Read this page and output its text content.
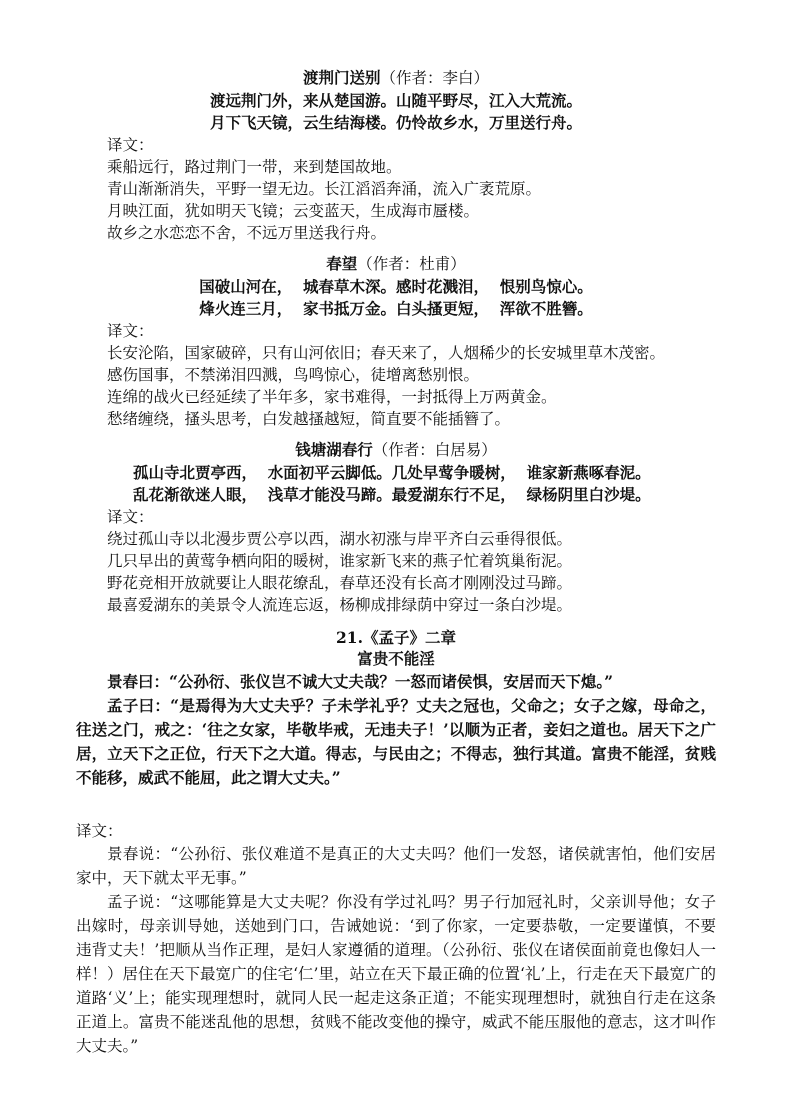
渡荆门送别（作者：李白）
渡远荆门外，来从楚国游。山随平野尽，江入大荒流。
月下飞天镜，云生结海楼。仍怜故乡水，万里送行舟。
译文：
乘船远行，路过荆门一带，来到楚国故地。
青山渐渐消失，平野一望无边。长江滔滔奔涌，流入广袤荒原。
月映江面，犹如明天飞镜；云变蓝天，生成海市蜃楼。
故乡之水恋恋不舍，不远万里送我行舟。
春望（作者：杜甫）
国破山河在，  城春草木深。感时花溅泪，  恨别鸟惊心。
烽火连三月，  家书抵万金。白头搔更短，  浑欲不胜簪。
译文：
长安沦陷，国家破碎，只有山河依旧；春天来了，人烟稀少的长安城里草木茂密。
感伤国事，不禁涕泪四溅，鸟鸣惊心，徒增离愁别恨。
连绵的战火已经延续了半年多，家书难得，一封抵得上万两黄金。
愁绪缠绕，搔头思考，白发越搔越短，简直要不能插簪了。
钱塘湖春行（作者：白居易）
孤山寺北贾亭西，  水面初平云脚低。几处早莺争暖树，  谁家新燕啄春泥。
乱花渐欲迷人眼，  浅草才能没马蹄。最爱湖东行不足，  绿杨阴里白沙堤。
译文：
绕过孤山寺以北漫步贾公亭以西，湖水初涨与岸平齐白云垂得很低。
几只早出的黄莺争栖向阳的暖树，谁家新飞来的燕子忙着筑巢衔泥。
野花竞相开放就要让人眼花缭乱，春草还没有长高才刚刚没过马蹄。
最喜爱湖东的美景令人流连忘返，杨柳成排绿荫中穿过一条白沙堤。
21.《孟子》二章
富贵不能淫
景春曰：“公孙衍、张仪岂不诚大丈夫哉？一怒而诸侯惧，安居而天下熄。”
孟子曰：“是焉得为大丈夫乎？子未学礼乎？丈夫之冠也，父命之；女子之嫁，母命之，往送之门，戒之：‘往之女家，毕敬毕戒，无违夫子！’以顺为正者，妾妇之道也。居天下之广居，立天下之正位，行天下之大道。得志，与民由之；不得志，独行其道。富贵不能淫，贫贱不能移，威武不能屈，此之谓大丈夫。”
译文：
景春说：“公孙衍、张仪难道不是真正的大丈夫吗？他们一发怒，诸侯就害怕，他们安居家中，天下就太平无事。”
孟子说：“这哪能算是大丈夫呢？你没有学过礼吗？男子行加冠礼时，父亲训导他；女子出嫁时，母亲训导她，送她到门口，告诫她说：‘到了你家，一定要恭敬，一定要谨慎，不要违背丈夫！’把顺从当作正理，是妇人家遵循的道理。（公孙衍、张仪在诸侯面前竟也像妇人一样！）居住在天下最宽广的住宅‘仁’里，站立在天下最正确的位置‘礼’上，行走在天下最宽广的道路‘义’上；能实现理想时，就同人民一起走这条正道；不能实现理想时，就独自行走在这条正道上。富贵不能迷乱他的思想，贫贱不能改变他的操守，威武不能压服他的意志，这才叫作大丈夫。”
